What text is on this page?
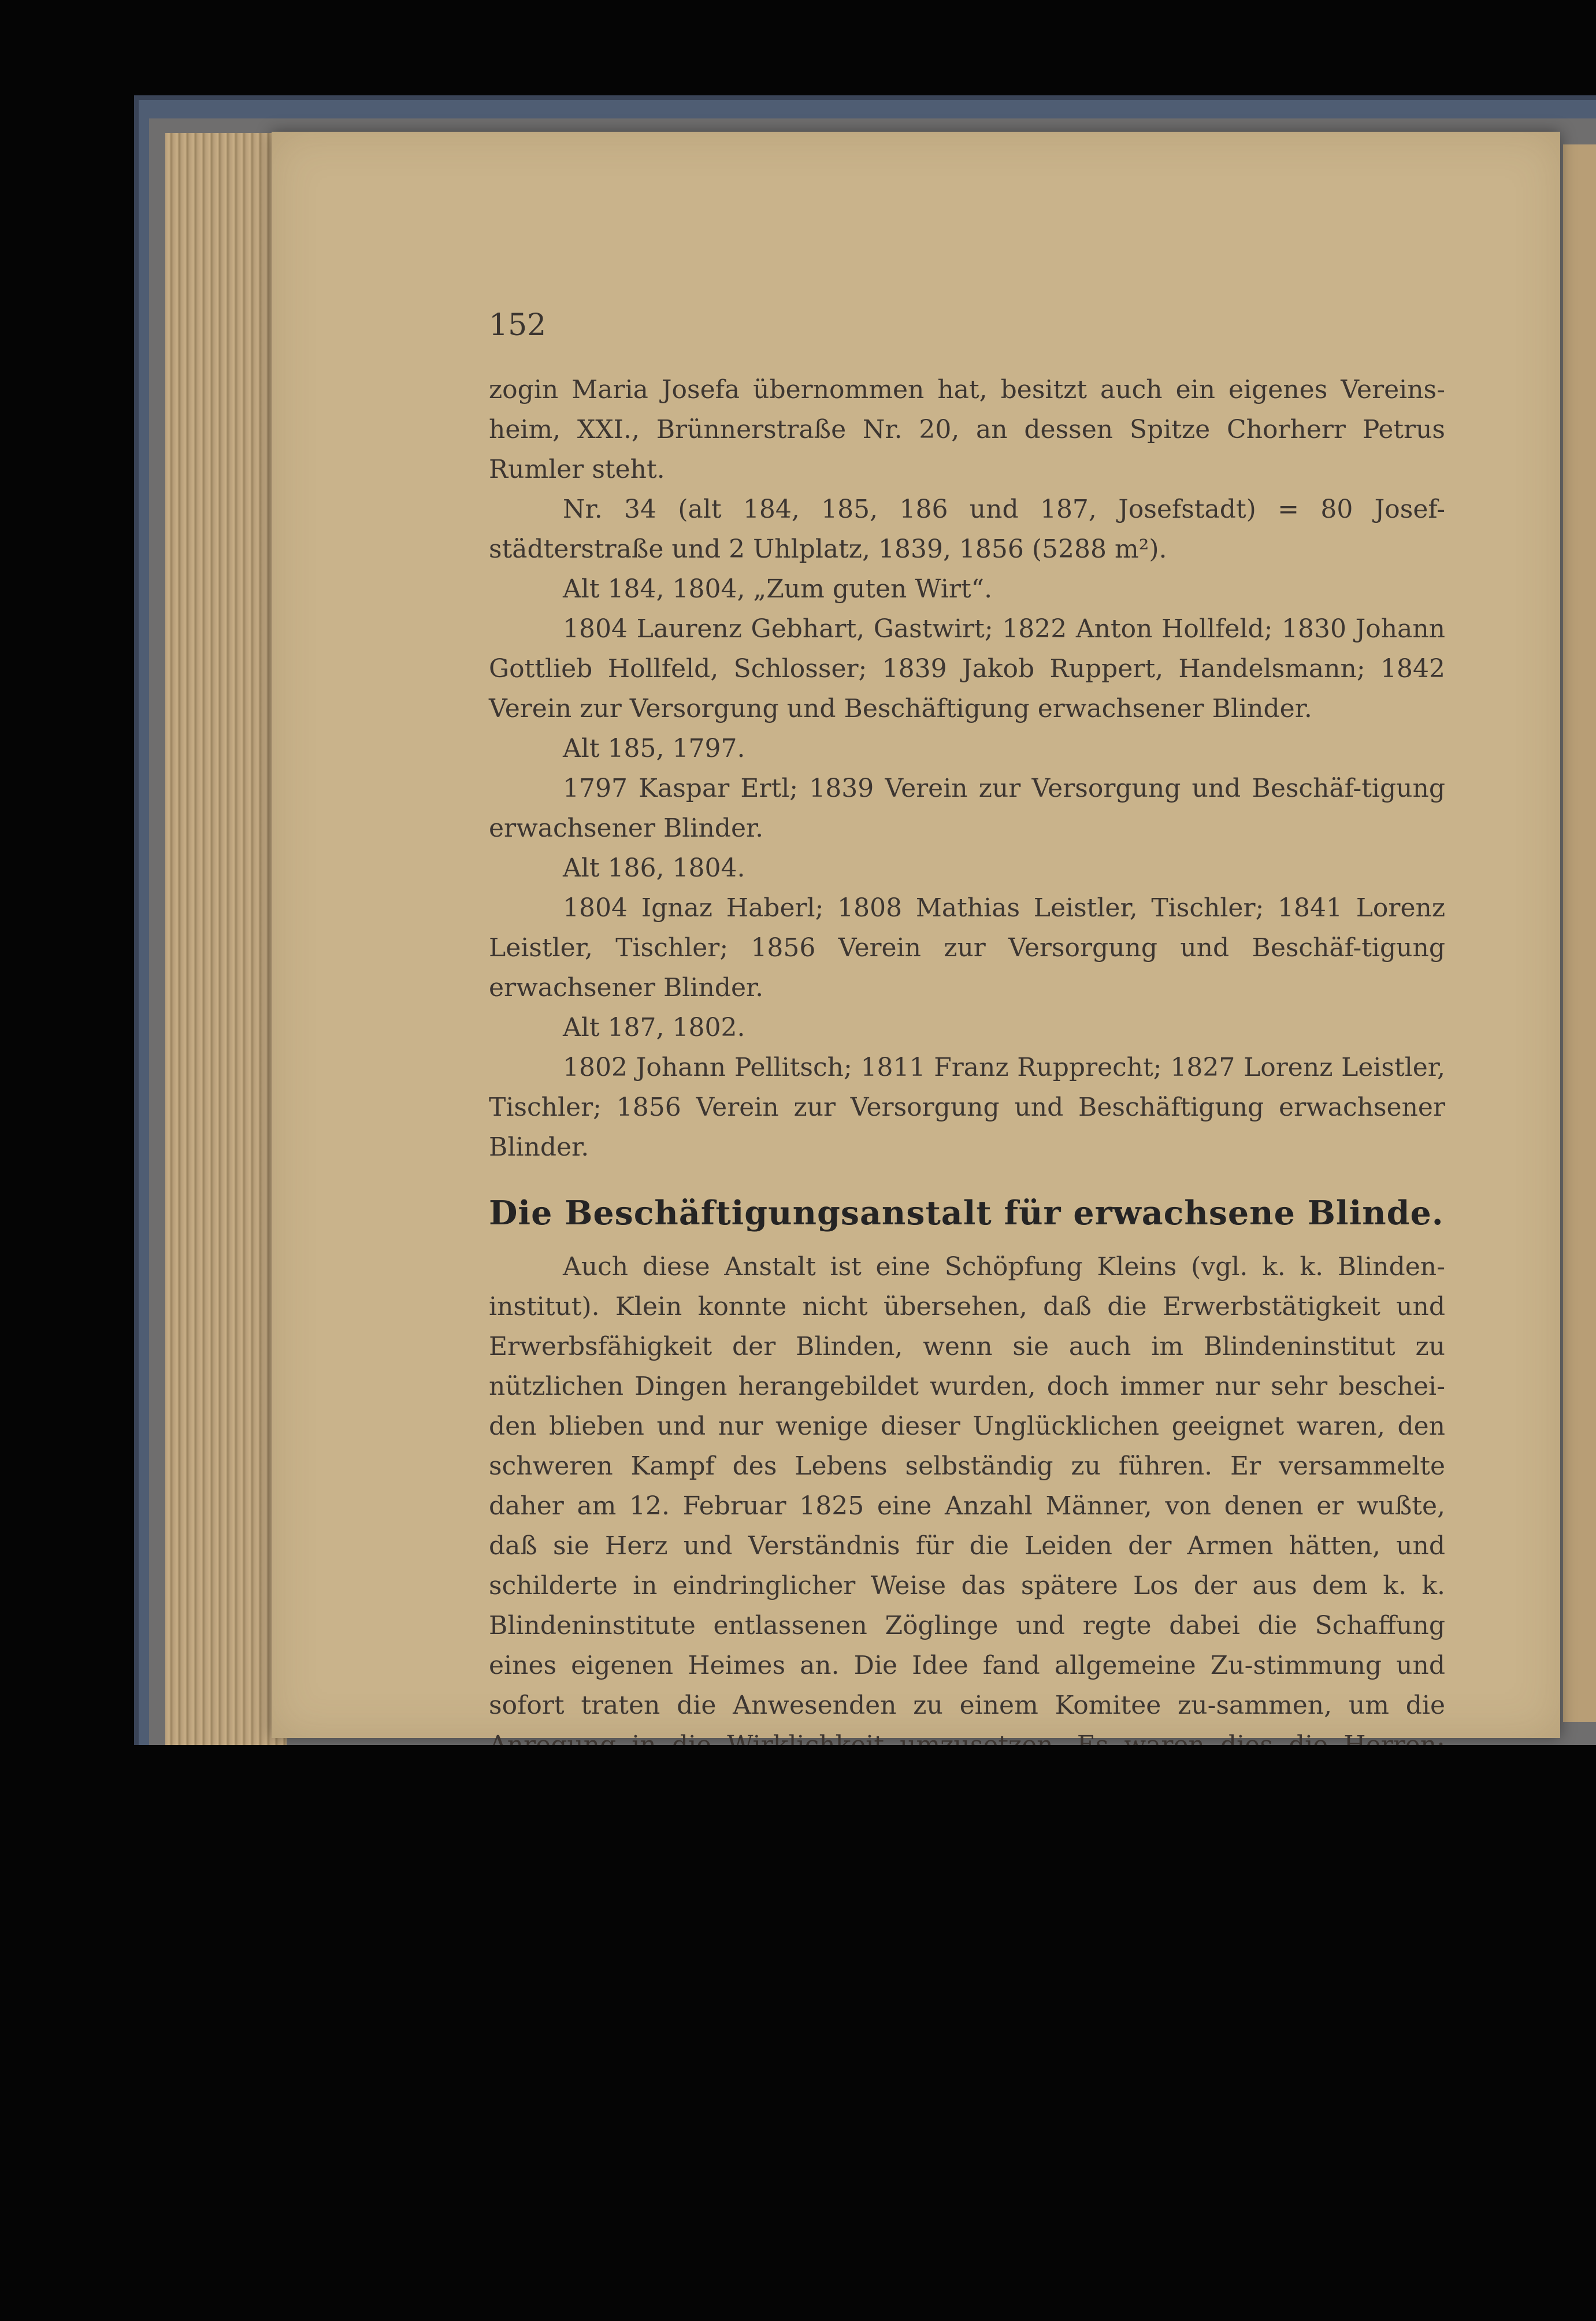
152

zogin Maria Josefa übernommen hat, besitzt auch ein eigenes Vereins-heim, XXI., Brünnerstraße Nr. 20, an dessen Spitze Chorherr Petrus Rumler steht.

Nr. 34 (alt 184, 185, 186 und 187, Josefstadt) = 80 Josef-städterstraße und 2 Uhlplatz, 1839, 1856 (5288 m²).

Alt 184, 1804, „Zum guten Wirt“.

1804 Laurenz Gebhart, Gastwirt; 1822 Anton Hollfeld; 1830 Johann Gottlieb Hollfeld, Schlosser; 1839 Jakob Ruppert, Handelsmann; 1842 Verein zur Versorgung und Beschäftigung erwachsener Blinder.

Alt 185, 1797.

1797 Kaspar Ertl; 1839 Verein zur Versorgung und Beschäf-tigung erwachsener Blinder.

Alt 186, 1804.

1804 Ignaz Haberl; 1808 Mathias Leistler, Tischler; 1841 Lorenz Leistler, Tischler; 1856 Verein zur Versorgung und Beschäf-tigung erwachsener Blinder.

Alt 187, 1802.

1802 Johann Pellitsch; 1811 Franz Rupprecht; 1827 Lorenz Leistler, Tischler; 1856 Verein zur Versorgung und Beschäftigung erwachsener Blinder.

Die Beschäftigungsanstalt für erwachsene Blinde.

Auch diese Anstalt ist eine Schöpfung Kleins (vgl. k. k. Blinden-institut). Klein konnte nicht übersehen, daß die Erwerbstätigkeit und Erwerbsfähigkeit der Blinden, wenn sie auch im Blindeninstitut zu nützlichen Dingen herangebildet wurden, doch immer nur sehr beschei-den blieben und nur wenige dieser Unglücklichen geeignet waren, den schweren Kampf des Lebens selbständig zu führen. Er versammelte daher am 12. Februar 1825 eine Anzahl Männer, von denen er wußte, daß sie Herz und Verständnis für die Leiden der Armen hätten, und schilderte in eindringlicher Weise das spätere Los der aus dem k. k. Blindeninstitute entlassenen Zöglinge und regte dabei die Schaffung eines eigenen Heimes an. Die Idee fand allgemeine Zu-stimmung und sofort traten die Anwesenden zu einem Komitee zu-sammen, um die
